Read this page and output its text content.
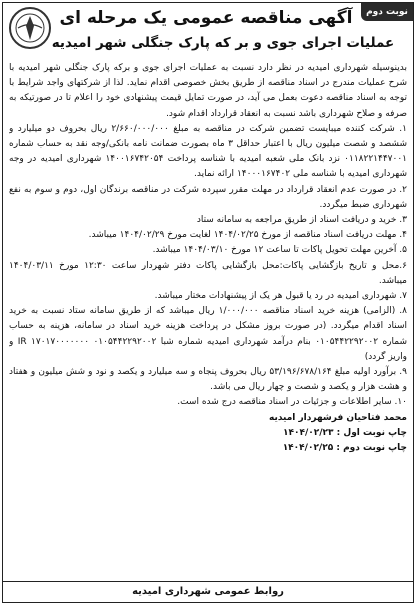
نوبت دوم
آگهی مناقصه عمومی یک مرحله ای
عملیات اجرای جوی و بر که پارک جنگلی شهر امیدیه

بدینوسیله شهرداری امیدیه در نظر دارد نسبت به عملیات اجرای جوی و برکه پارک جنگلی شهر امیدیه با شرح عملیات مندرج در اسناد مناقصه از طریق بخش خصوصی اقدام نماید. لذا از شرکتهای واجد شرایط با توجه به اسناد مناقصه دعوت بعمل می آید، در صورت تمایل قیمت پیشنهادی خود را اعلام تا در صورتیکه به صرفه و صلاح شهرداری باشد نسبت به انعقاد قرارداد اقدام شود.

۱. شرکت کننده میبایست تضمین شرکت در مناقصه به مبلغ ۲/۶۶۰/۰۰۰/۰۰۰ ریال بحروف دو میلیارد و ششصد و شصت میلیون ریال با اعتبار حداقل ۳ ماه بصورت ضمانت نامه بانکی/وجه نقد به حساب شماره ۰۱۱۸۲۲۱۴۴۷۰۰۱ نزد بانک ملی شعبه امیدیه با شناسه پرداخت ۱۴۰۰۱۶۷۴۲۰۵۴ شهرداری امیدیه در وجه شهرداری امیدیه با شناسه ملی ۱۴۰۰۰۱۶۷۴۰۲ ارائه نماید.

۲. در صورت عدم انعقاد قرارداد در مهلت مقرر سپرده شرکت در مناقصه برندگان اول، دوم و سوم به نفع شهرداری ضبط میگردد.

۳. خرید و دریافت اسناد از طریق مراجعه به سامانه ستاد

۴. مهلت دریافت اسناد مناقصه از مورخ ۱۴۰۴/۰۲/۲۵ لغایت مورخ ۱۴۰۴/۰۲/۲۹ میباشد.

۵. آخرین مهلت تحویل پاکات تا ساعت ۱۲ مورخ ۱۴۰۴/۰۳/۱۰ میباشد.

۶.محل و تاریخ بازگشایی پاکات:محل بازگشایی پاکات دفتر شهردار ساعت ۱۲:۳۰ مورخ ۱۴۰۴/۰۳/۱۱ میباشد.

۷. شهرداری امیدیه در رد یا قبول هر یک از پیشنهادات مختار میباشد.

۸. (الزامی) هزینه خرید اسناد مناقصه ۱/۰۰۰/۰۰۰ ریال میباشد که از طریق سامانه ستاد نسبت به خرید اسناد اقدام میگردد. (در صورت بروز مشکل در پرداخت هزینه خرید اسناد در سامانه، هزینه به حساب شماره ۰۱۰۵۴۴۲۲۹۲۰۰۲ بنام درآمد شهرداری امیدیه شماره شبا ۰۱۰۵۴۴۲۲۹۲۰۰۲ IR ۱۷۰۱۷۰۰۰۰۰۰۰ و واریز گردد)

۹. برآورد اولیه مبلغ ۵۳/۱۹۶/۶۷۸/۱۶۴ ریال بحروف پنجاه و سه میلیارد و یکصد و نود و شش میلیون و هفتاد و هشت هزار و یکصد و شصت و چهار ریال می باشد.

۱۰. سایر اطلاعات و جزئیات در اسناد مناقصه درج شده است.

محمد فتاحیان فرشهردار امیدیه

چاپ نوبت اول : ۱۴۰۴/۰۲/۲۳

چاپ نوبت دوم : ۱۴۰۴/۰۲/۲۵

روابط عمومی شهرداری امیدیه
